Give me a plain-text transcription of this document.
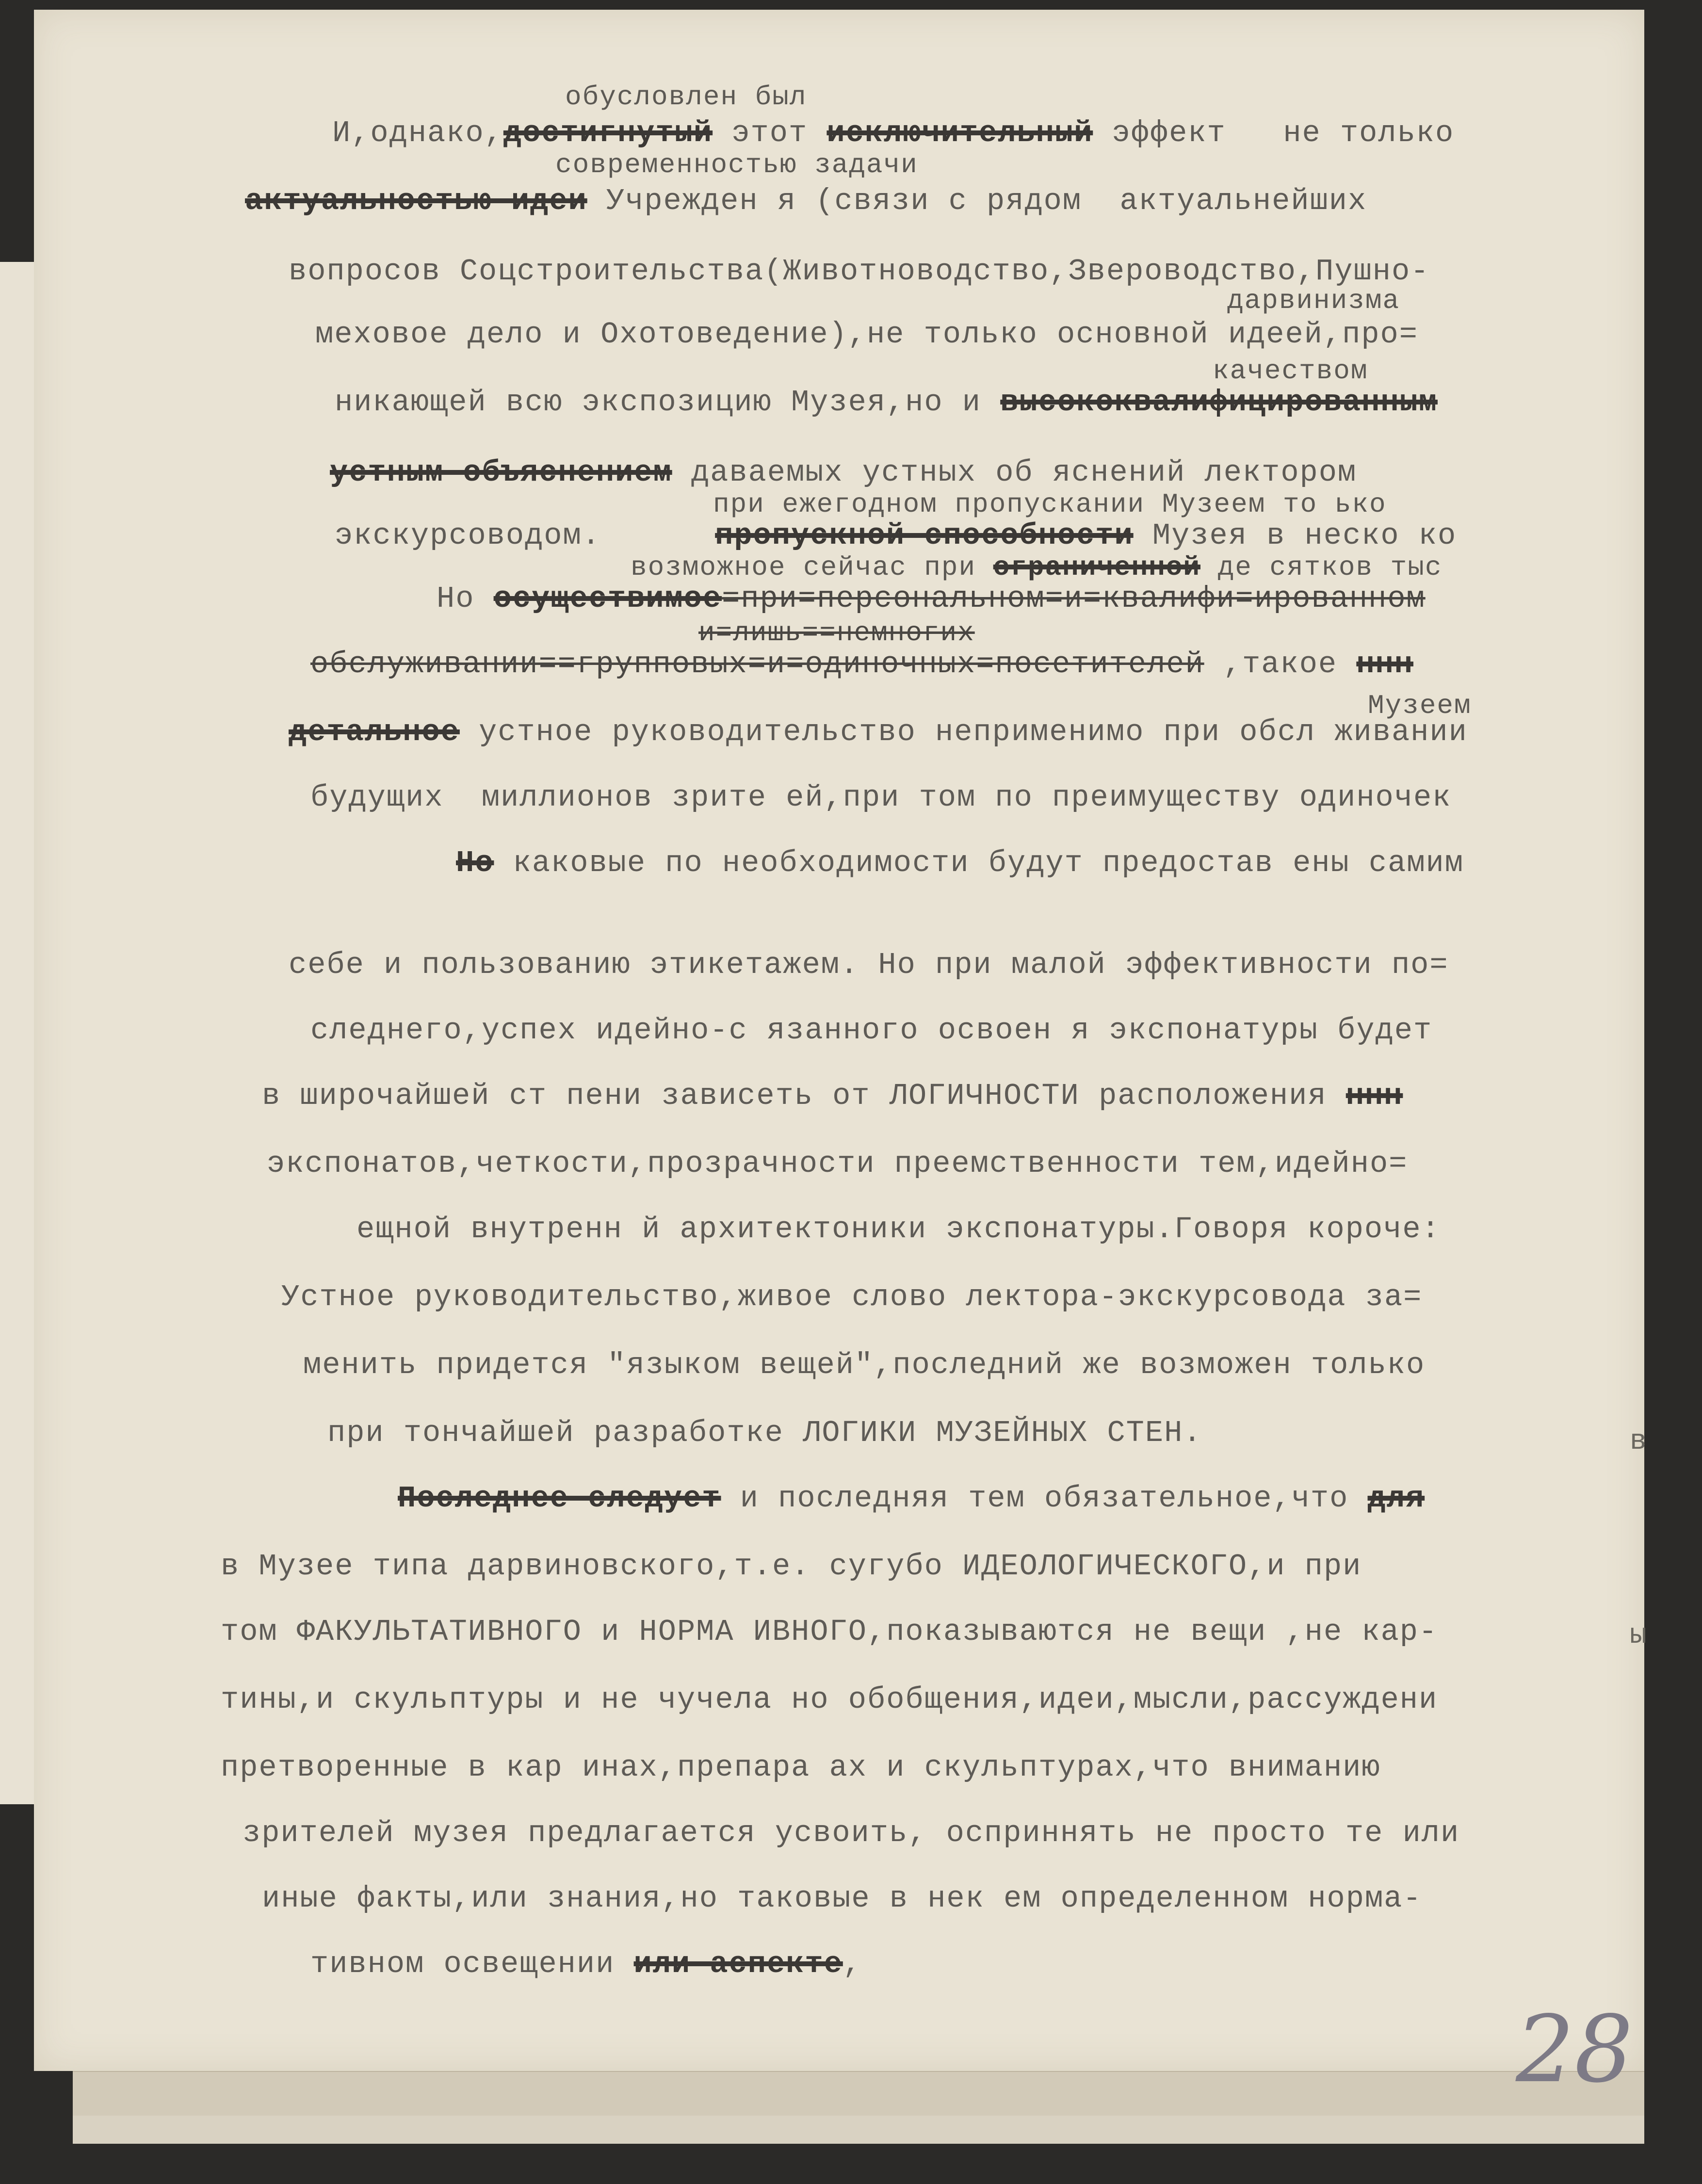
обусловлен был
И,однако,достигнутый этот исключительный эффект   не только
современностью задачи
актуальностью идеи Учрежден я (связи с рядом  актуальнейших
вопросов Соцстроительства(Животноводство,Звероводство,Пушно-
дарвинизма
меховое дело и Охотоведение),не только основной идеей,про=
качеством
никающей всю экспозицию Музея,но и высококвалифицированным
устным объяснением даваемых устных об яснений лектором
при ежегодном пропускании Музеем то ько
экскурсоводом.      пропускной способности Музея в неско ко
возможное сейчас при ограниченной де сятков тыс
Но осуществимое=при=персональном=и=квалифи=ированном
и=лишь==немногих
обслуживании==групповых=и=одиночных=посетителей ,такое ннн
Музеем
детальное устное руководительство неприменимо при обсл живании
будущих  миллионов зрите ей,при том по преимуществу одиночек
Но каковые по необходимости будут предостав ены самим
себе и пользованию этикетажем. Но при малой эффективности по=
следнего,успех идейно-с язанного освоен я экспонатуры будет
в широчайшей ст пени зависеть от ЛОГИЧНОСТИ расположения ннн
экспонатов,четкости,прозрачности преемственности тем,идейно=
ещной внутренн й архитектоники экспонатуры.Говоря короче:
Устное руководительство,живое слово лектора-экскурсовода за=
менить придется "языком вещей",последний же возможен только
при тончайшей разработке ЛОГИКИ МУЗЕЙНЫХ СТЕН.
Последнее следует и последняя тем обязательное,что для
в Музее типа дарвиновского,т.е. сугубо ИДЕОЛОГИЧЕСКОГО,и при
том ФАКУЛЬТАТИВНОГО и НОРМА ИВНОГО,показываются не вещи ,не кар-
тины,и скульптуры и не чучела но обобщения,идеи,мысли,рассуждени
претворенные в кар инах,препара ах и скульптурах,что вниманию
зрителей музея предлагается усвоить, осприннять не просто те или
иные факты,или знания,но таковые в нек ем определенном норма-
тивном освещении или аспекте,
в
ы
28
